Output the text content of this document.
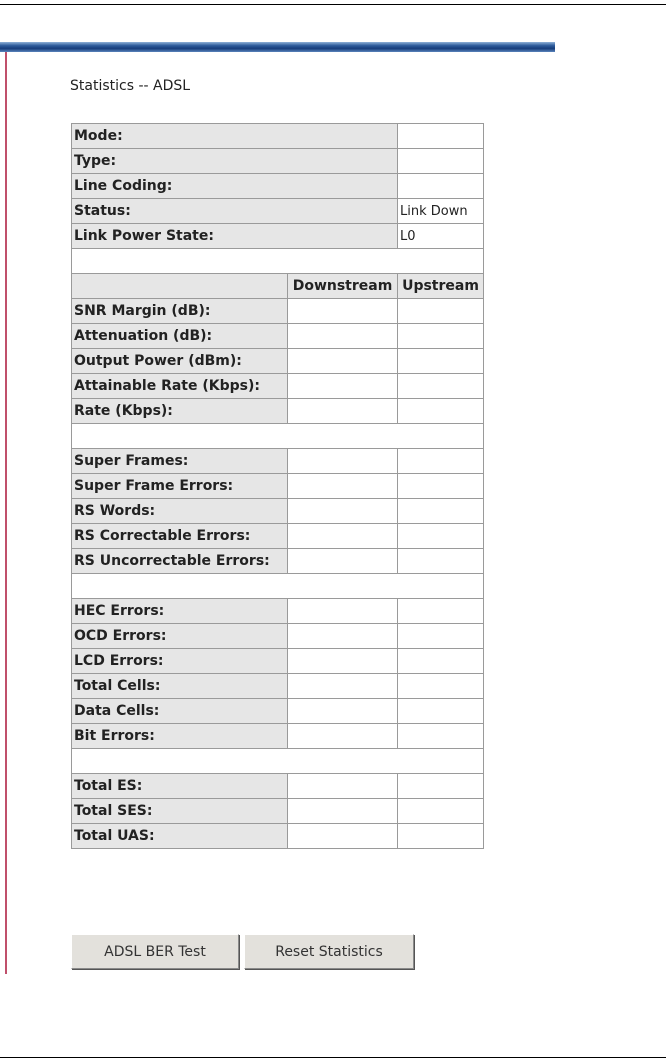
Statistics -- ADSL
Mode:		
Type:		
Line Coding:		
Status:		Link Down
Link Power State:		L0

	Downstream	Upstream
SNR Margin (dB):		
Attenuation (dB):		
Output Power (dBm):		
Attainable Rate (Kbps):		
Rate (Kbps):		

Super Frames:		
Super Frame Errors:		
RS Words:		
RS Correctable Errors:		
RS Uncorrectable Errors:		

HEC Errors:		
OCD Errors:		
LCD Errors:		
Total Cells:		
Data Cells:		
Bit Errors:		

Total ES:		
Total SES:		
Total UAS:		
ADSL BER Test	Reset Statistics
